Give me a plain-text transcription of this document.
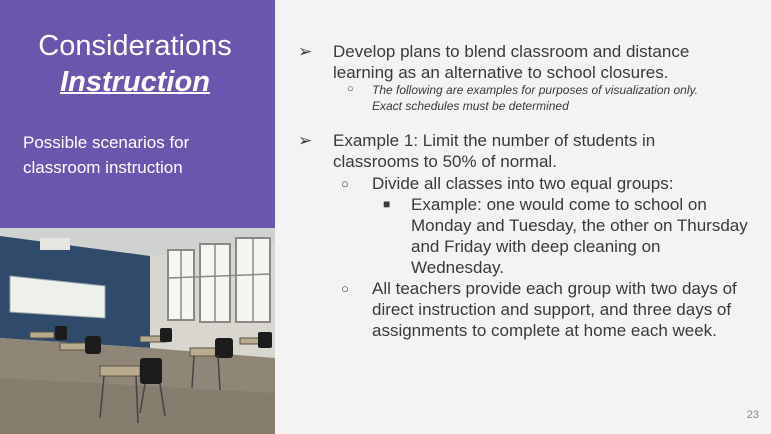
Considerations
Instruction
Possible scenarios for
classroom instruction
➢ Develop plans to blend classroom and distance
learning as an alternative to school closures.
○ The following are examples for purposes of visualization only.
Exact schedules must be determined
➢ Example 1: Limit the number of students in
classrooms to 50% of normal.
○ Divide all classes into two equal groups:
■ Example: one would come to school on
Monday and Tuesday, the other on Thursday
and Friday with deep cleaning on
Wednesday.
○ All teachers provide each group with two days of
direct instruction and support, and three days of
assignments to complete at home each week.
23
